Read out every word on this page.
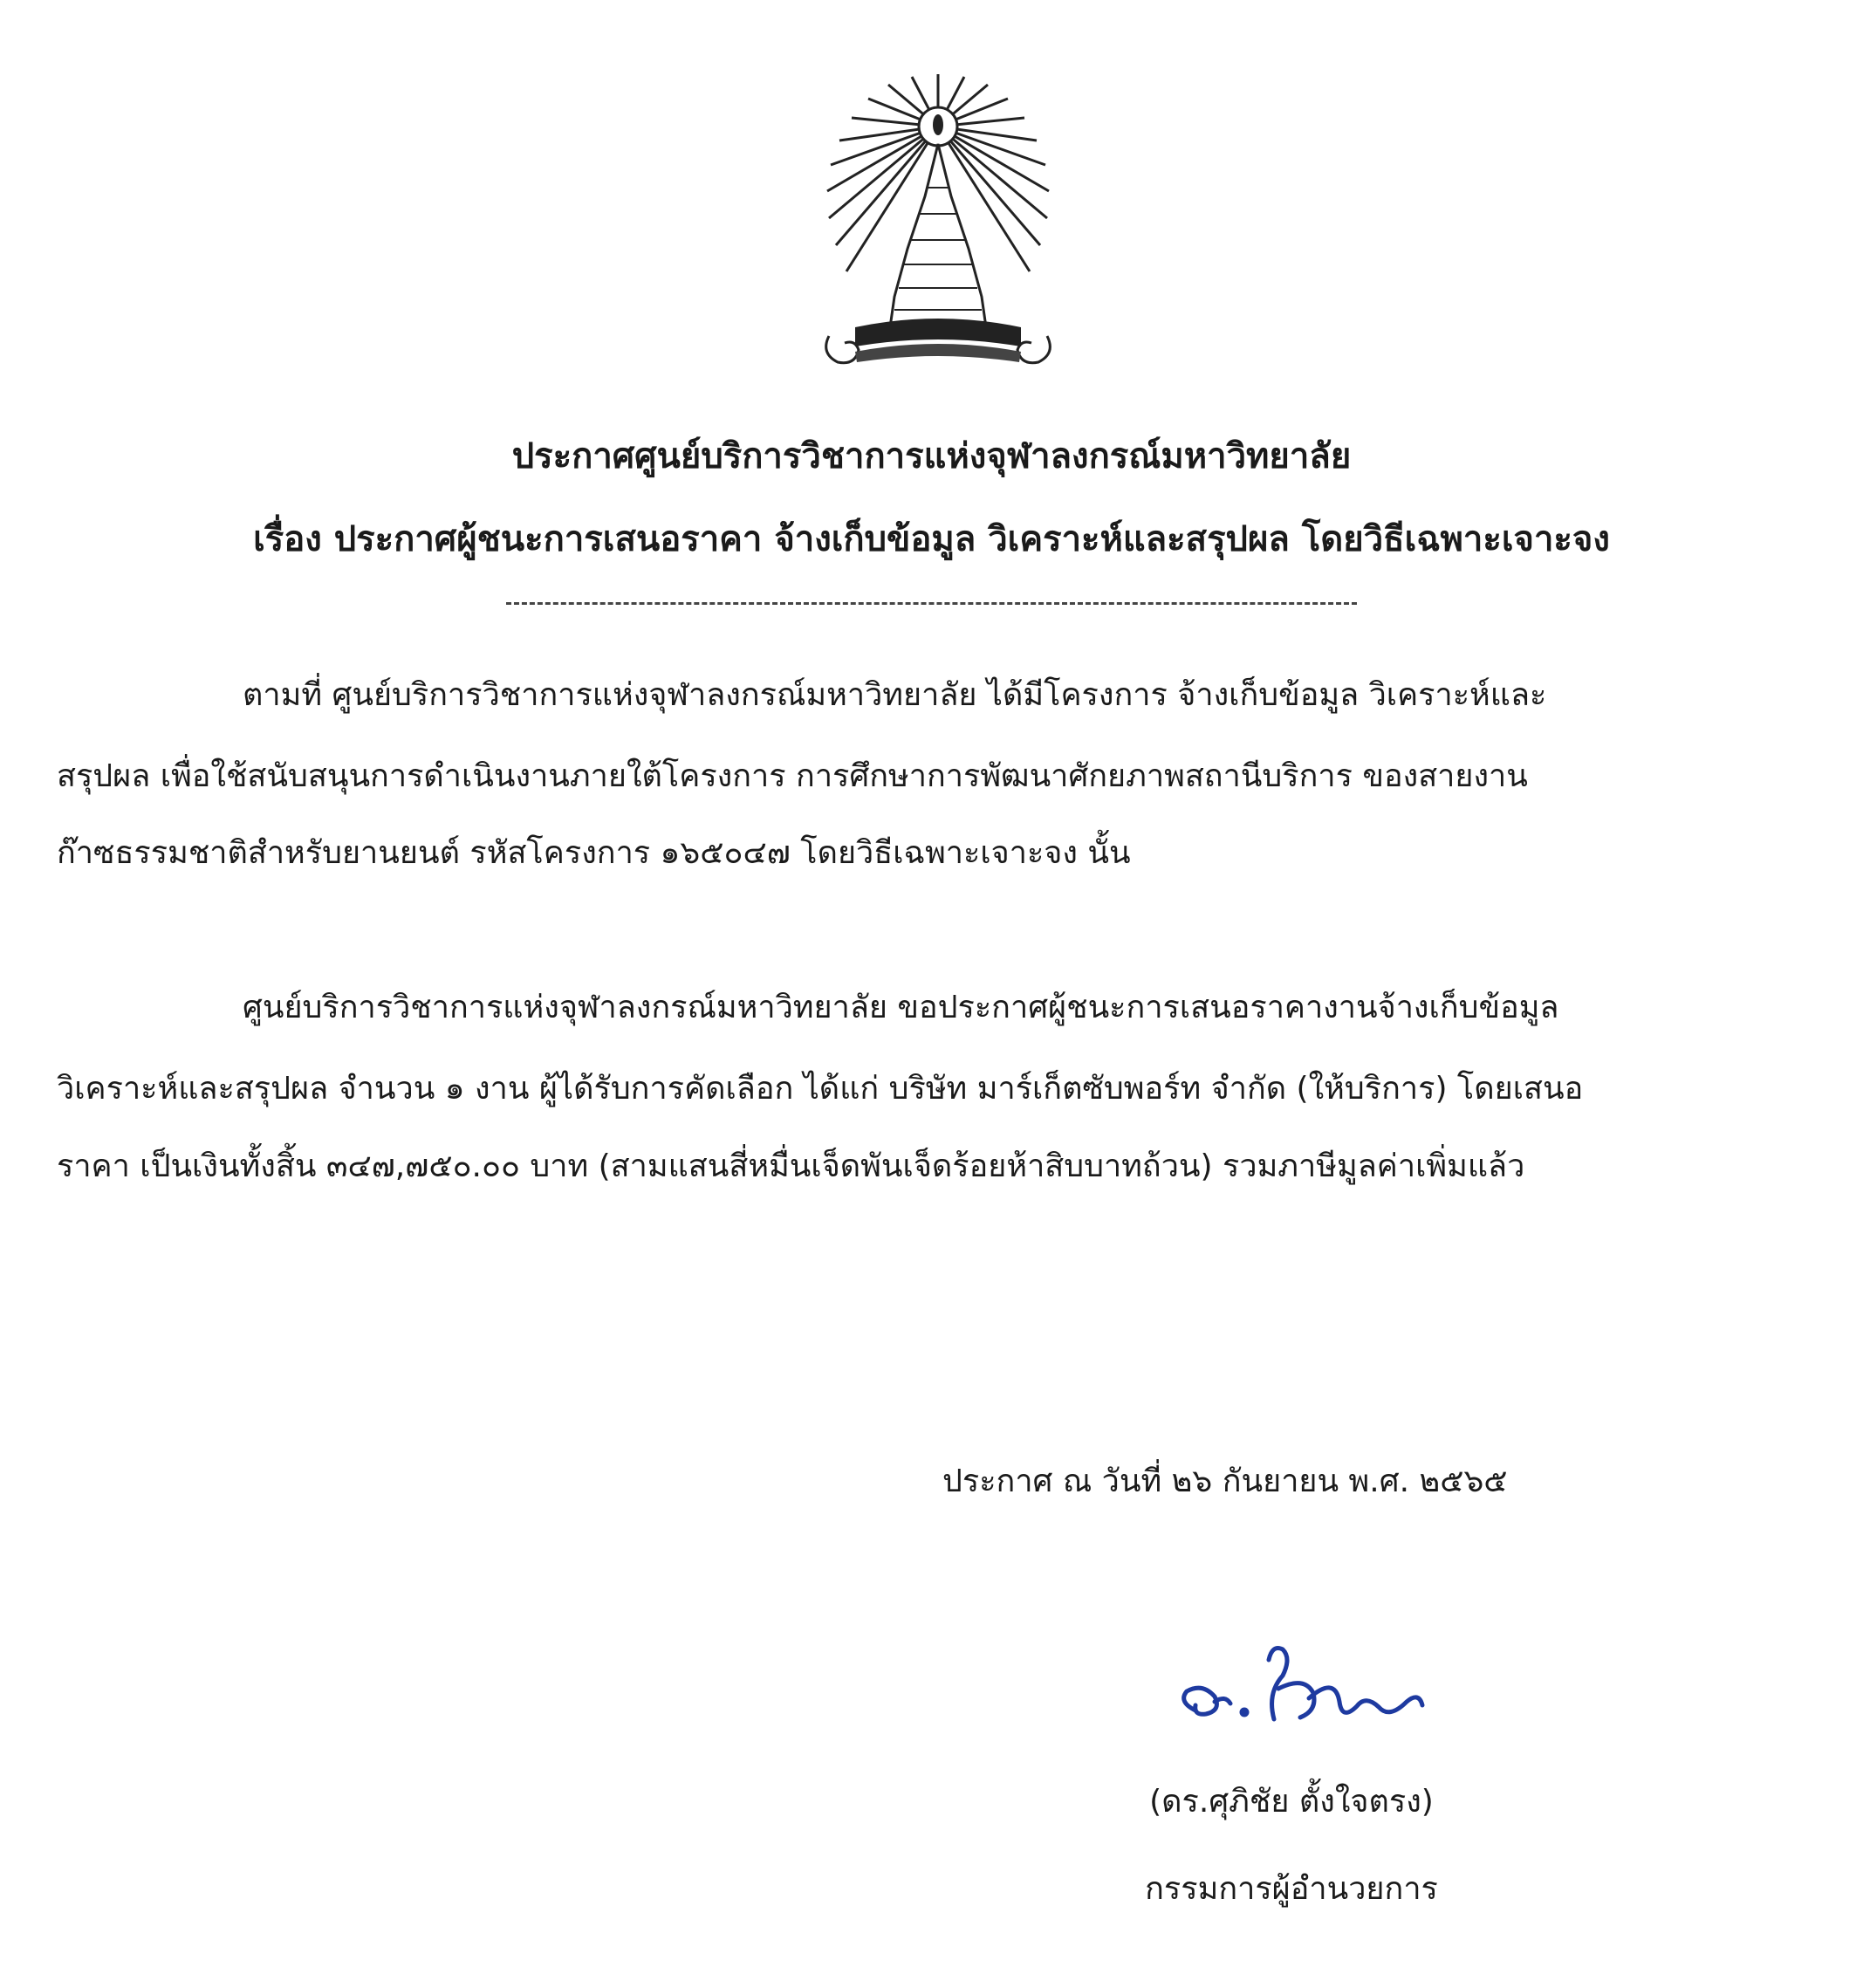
ประกาศศูนย์บริการวิชาการแห่งจุฬาลงกรณ์มหาวิทยาลัย
เรื่อง ประกาศผู้ชนะการเสนอราคา จ้างเก็บข้อมูล วิเคราะห์และสรุปผล โดยวิธีเฉพาะเจาะจง
ตามที่ ศูนย์บริการวิชาการแห่งจุฬาลงกรณ์มหาวิทยาลัย ได้มีโครงการ จ้างเก็บข้อมูล วิเคราะห์และ
สรุปผล เพื่อใช้สนับสนุนการดำเนินงานภายใต้โครงการ การศึกษาการพัฒนาศักยภาพสถานีบริการ ของสายงาน
ก๊าซธรรมชาติสำหรับยานยนต์ รหัสโครงการ ๑๖๕๐๔๗ โดยวิธีเฉพาะเจาะจง นั้น
ศูนย์บริการวิชาการแห่งจุฬาลงกรณ์มหาวิทยาลัย ขอประกาศผู้ชนะการเสนอราคางานจ้างเก็บข้อมูล
วิเคราะห์และสรุปผล จำนวน ๑ งาน ผู้ได้รับการคัดเลือก ได้แก่ บริษัท มาร์เก็ตซับพอร์ท จำกัด (ให้บริการ) โดยเสนอ
ราคา เป็นเงินทั้งสิ้น ๓๔๗,๗๕๐.๐๐ บาท (สามแสนสี่หมื่นเจ็ดพันเจ็ดร้อยห้าสิบบาทถ้วน) รวมภาษีมูลค่าเพิ่มแล้ว
ประกาศ ณ วันที่ ๒๖ กันยายน พ.ศ. ๒๕๖๕
(ดร.ศุภิชัย ตั้งใจตรง)
กรรมการผู้อำนวยการ
